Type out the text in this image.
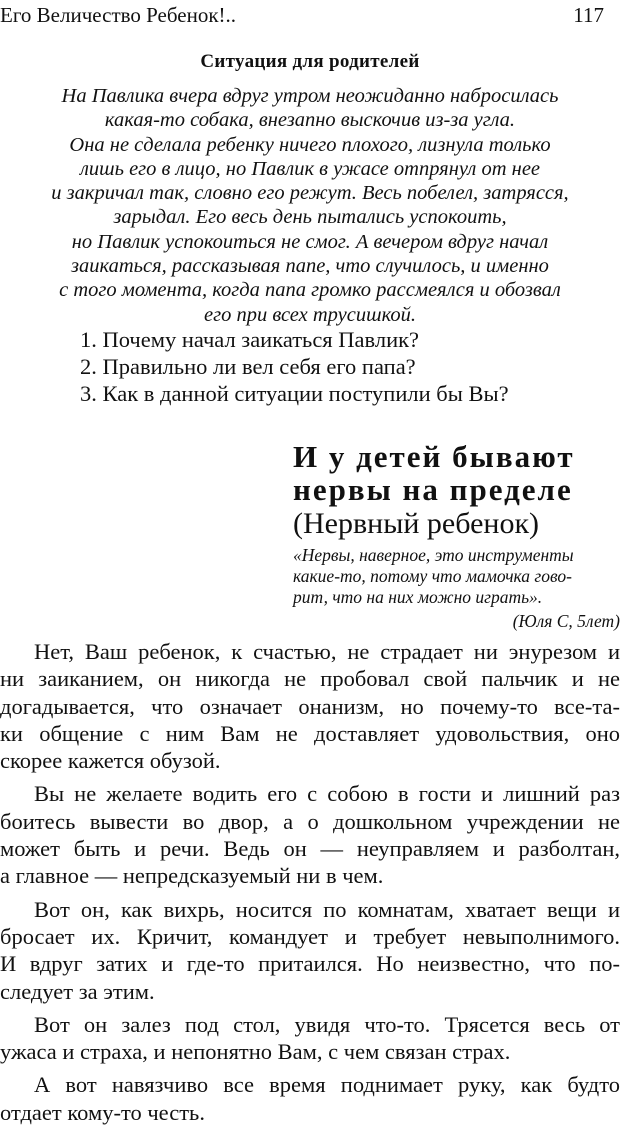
Его Величество Ребенок!..	117
Ситуация для родителей
На Павлика вчера вдруг утром неожиданно набросилась
какая-то собака, внезапно выскочив из-за угла.
Она не сделала ребенку ничего плохого, лизнула только
лишь его в лицо, но Павлик в ужасе отпрянул от нее
и закричал так, словно его режут. Весь побелел, затрясся,
зарыдал. Его весь день пытались успокоить,
но Павлик успокоиться не смог. А вечером вдруг начал
заикаться, рассказывая папе, что случилось, и именно
с того момента, когда папа громко рассмеялся и обозвал
его при всех трусишкой.
1. Почему начал заикаться Павлик?
2. Правильно ли вел себя его папа?
3. Как в данной ситуации поступили бы Вы?
И у детей бывают
нервы на пределе
(Нервный ребенок)
«Нервы, наверное, это инструменты
какие-то, потому что мамочка гово-
рит, что на них можно играть».
(Юля С, 5лет)
Нет, Ваш ребенок, к счастью, не страдает ни энурезом и
ни заиканием, он никогда не пробовал свой пальчик и не
догадывается, что означает онанизм, но почему-то все-та-
ки общение с ним Вам не доставляет удовольствия, оно
скорее кажется обузой.
Вы не желаете водить его с собою в гости и лишний раз
боитесь вывести во двор, а о дошкольном учреждении не
может быть и речи. Ведь он — неуправляем и разболтан,
а главное — непредсказуемый ни в чем.
Вот он, как вихрь, носится по комнатам, хватает вещи и
бросает их. Кричит, командует и требует невыполнимого.
И вдруг затих и где-то притаился. Но неизвестно, что по-
следует за этим.
Вот он залез под стол, увидя что-то. Трясется весь от
ужаса и страха, и непонятно Вам, с чем связан страх.
А вот навязчиво все время поднимает руку, как будто
отдает кому-то честь.
